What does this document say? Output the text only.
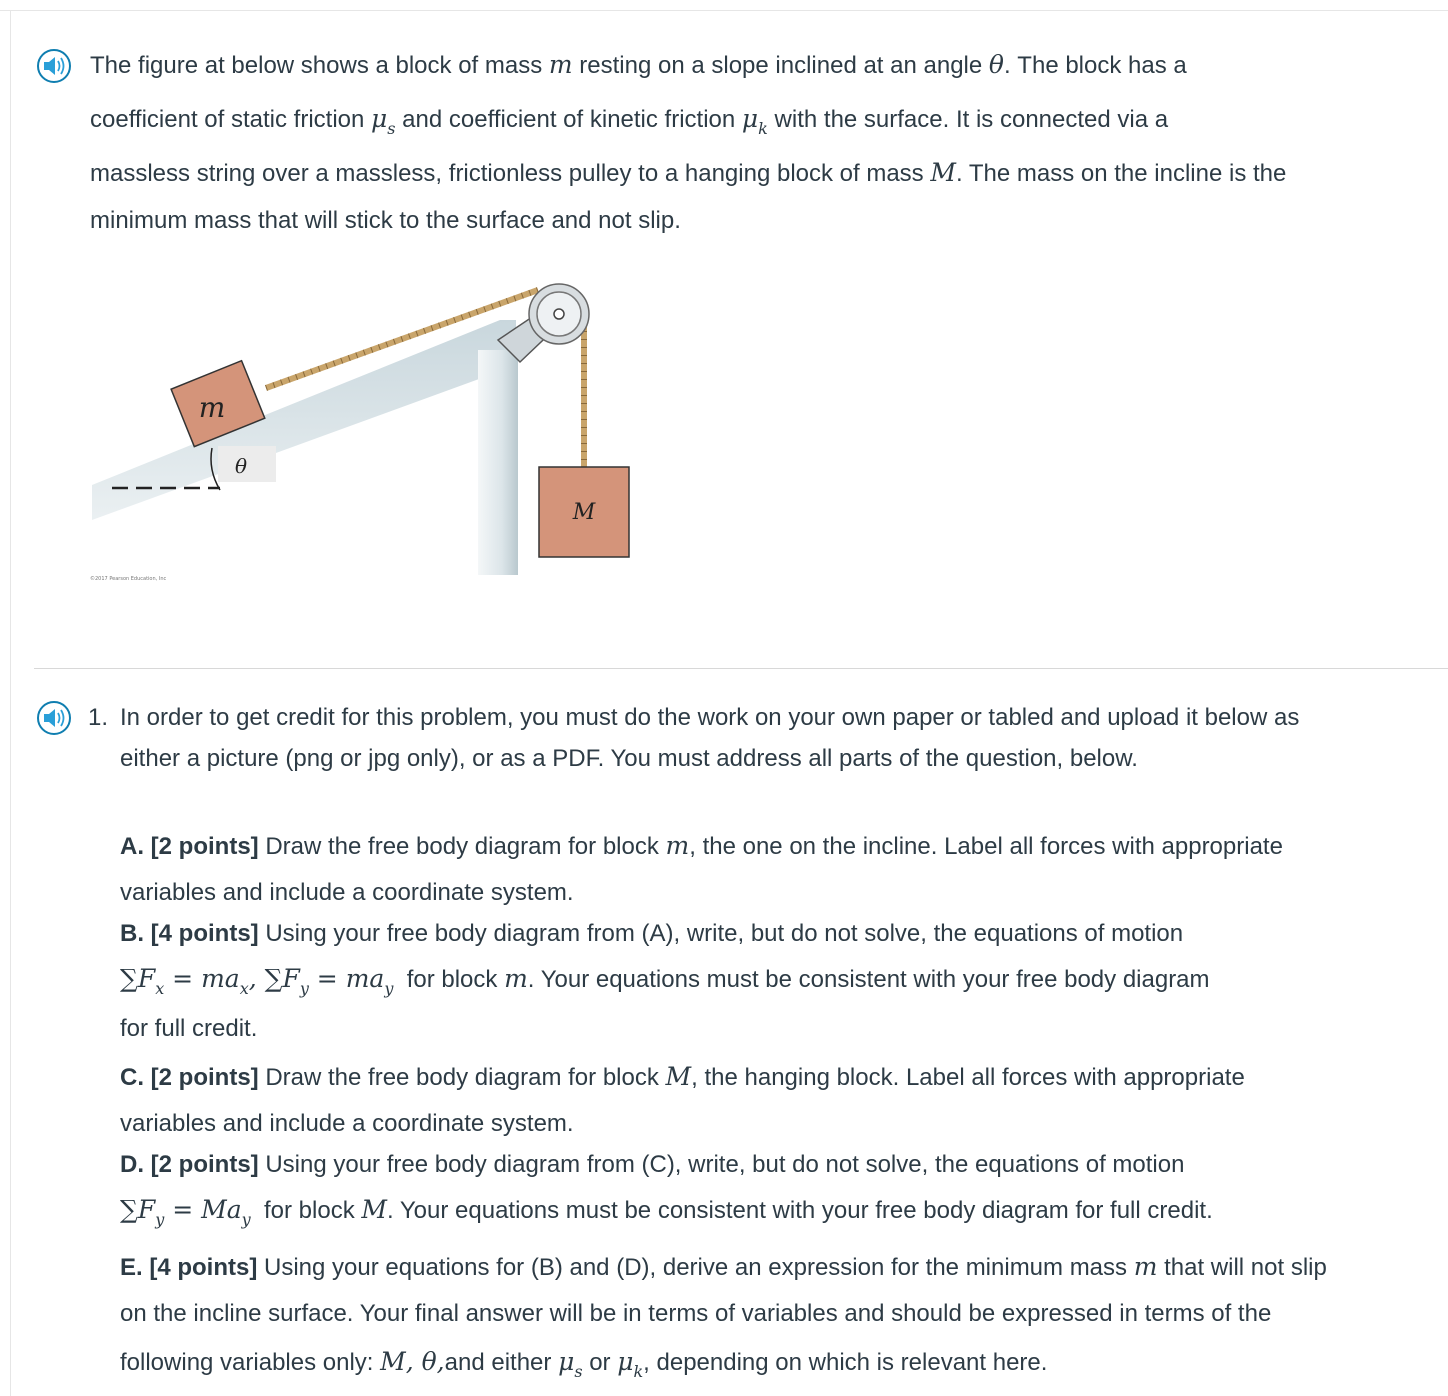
The figure at below shows a block of mass m resting on a slope inclined at an angle θ. The block has a
coefficient of static friction $\mu_s$ and coefficient of kinetic friction $\mu_k$ with the surface. It is connected via a
massless string over a massless, frictionless pulley to a hanging block of mass M. The mass on the incline is the
minimum mass that will stick to the surface and not slip.
m
θ
M
©2017 Pearson Education, Inc
1. In order to get credit for this problem, you must do the work on your own paper or tabled and upload it below as
either a picture (png or jpg only), or as a PDF. You must address all parts of the question, below.
A. [2 points] Draw the free body diagram for block m, the one on the incline. Label all forces with appropriate
variables and include a coordinate system.
B. [4 points] Using your free body diagram from (A), write, but do not solve, the equations of motion
$\sum F_x = ma_x$, $\sum F_y = ma_y$ for block m. Your equations must be consistent with your free body diagram
for full credit.
C. [2 points] Draw the free body diagram for block M, the hanging block. Label all forces with appropriate
variables and include a coordinate system.
D. [2 points] Using your free body diagram from (C), write, but do not solve, the equations of motion
$\sum F_y = Ma_y$ for block M. Your equations must be consistent with your free body diagram for full credit.
E. [4 points] Using your equations for (B) and (D), derive an expression for the minimum mass m that will not slip
on the incline surface. Your final answer will be in terms of variables and should be expressed in terms of the
following variables only: M, θ,and either $\mu_s$ or $\mu_k$, depending on which is relevant here.
